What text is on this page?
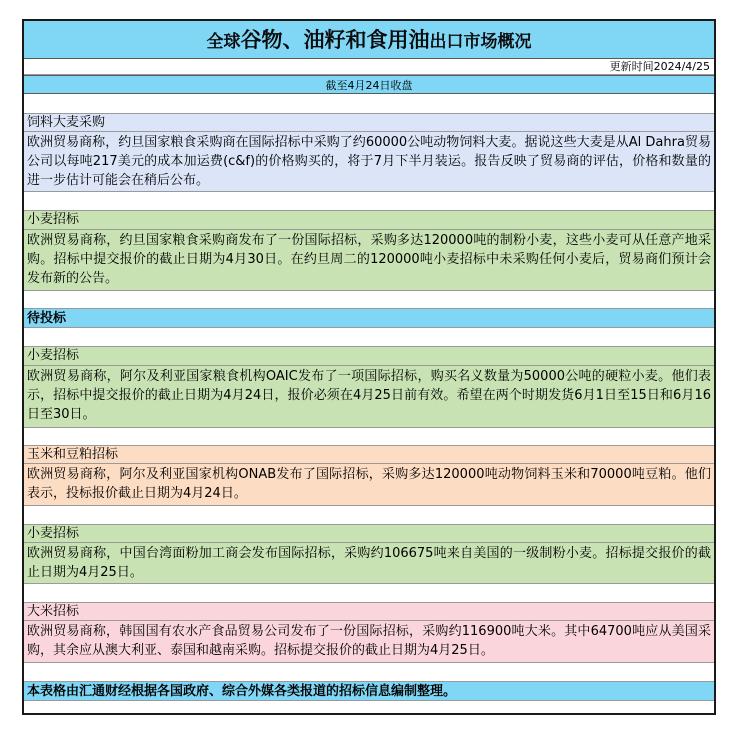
全球谷物、油籽和食用油出口市场概况
更新时间2024/4/25
截至4月24日收盘
饲料大麦采购
欧洲贸易商称，约旦国家粮食采购商在国际招标中采购了约60000公吨动物饲料大麦。据说这些大麦是从Al Dahra贸易公司以每吨217美元的成本加运费(c&f)的价格购买的，将于7月下半月装运。报告反映了贸易商的评估，价格和数量的进一步估计可能会在稍后公布。
小麦招标
欧洲贸易商称，约旦国家粮食采购商发布了一份国际招标，采购多达120000吨的制粉小麦，这些小麦可从任意产地采购。招标中提交报价的截止日期为4月30日。在约旦周二的120000吨小麦招标中未采购任何小麦后，贸易商们预计会发布新的公告。
待投标
小麦招标
欧洲贸易商称，阿尔及利亚国家粮食机构OAIC发布了一项国际招标，购买名义数量为50000公吨的硬粒小麦。他们表示，招标中提交报价的截止日期为4月24日，报价必须在4月25日前有效。希望在两个时期发货6月1日至15日和6月16日至30日。
玉米和豆粕招标
欧洲贸易商称，阿尔及利亚国家机构ONAB发布了国际招标，采购多达120000吨动物饲料玉米和70000吨豆粕。他们表示，投标报价截止日期为4月24日。
小麦招标
欧洲贸易商称，中国台湾面粉加工商会发布国际招标，采购约106675吨来自美国的一级制粉小麦。招标提交报价的截止日期为4月25日。
大米招标
欧洲贸易商称，韩国国有农水产食品贸易公司发布了一份国际招标，采购约116900吨大米。其中64700吨应从美国采购，其余应从澳大利亚、泰国和越南采购。招标提交报价的截止日期为4月25日。
本表格由汇通财经根据各国政府、综合外媒各类报道的招标信息编制整理。
